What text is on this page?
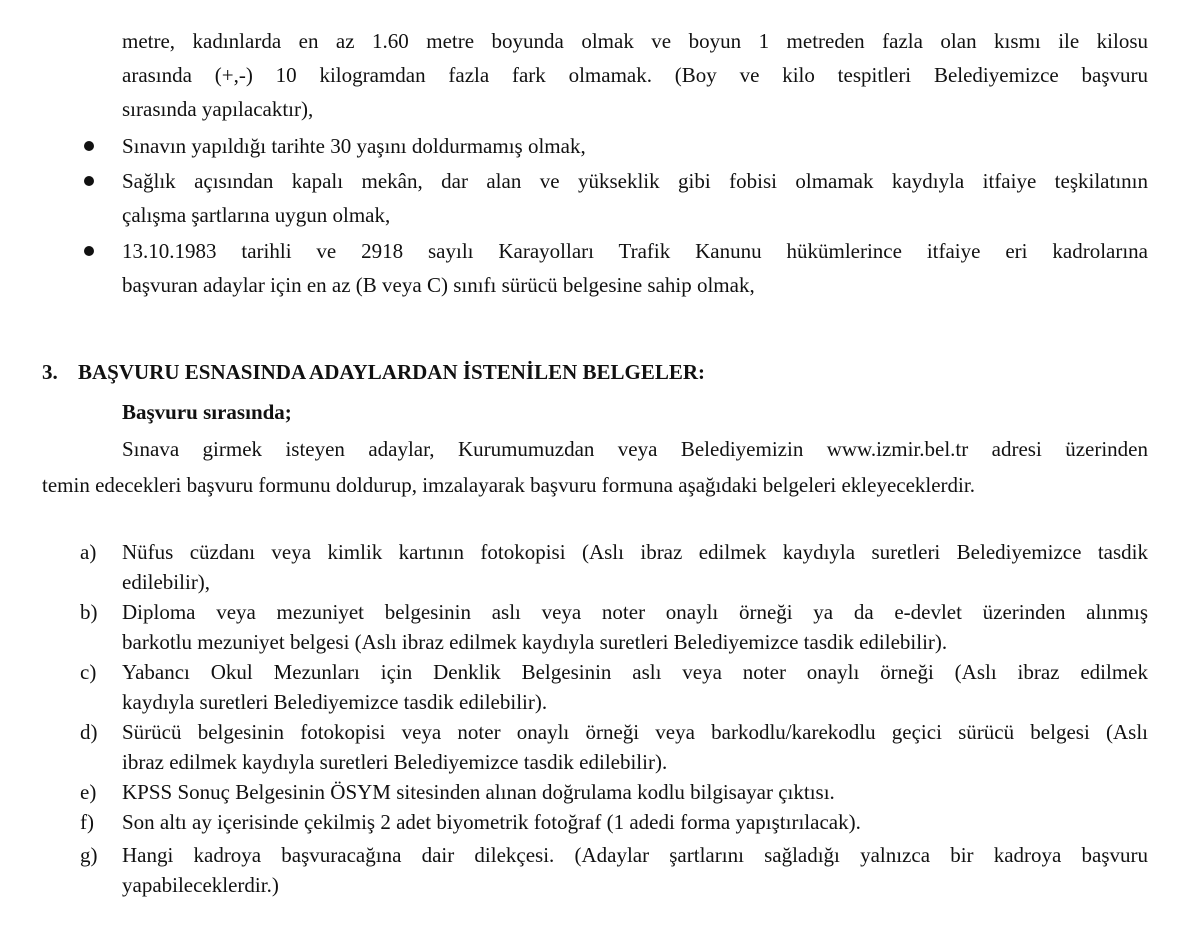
metre, kadınlarda en az 1.60 metre boyunda olmak ve boyun 1 metreden fazla olan kısmı ile kilosu
arasında (+,-) 10 kilogramdan fazla fark olmamak. (Boy ve kilo tespitleri Belediyemizce başvuru
sırasında yapılacaktır),
Sınavın yapıldığı tarihte 30 yaşını doldurmamış olmak,
Sağlık açısından kapalı mekân, dar alan ve yükseklik gibi fobisi olmamak kaydıyla itfaiye teşkilatının
çalışma şartlarına uygun olmak,
13.10.1983 tarihli ve 2918 sayılı Karayolları Trafik Kanunu hükümlerince itfaiye eri kadrolarına
başvuran adaylar için en az (B veya C) sınıfı sürücü belgesine sahip olmak,
3. BAŞVURU ESNASINDA ADAYLARDAN İSTENİLEN BELGELER:
Başvuru sırasında;
Sınava girmek isteyen adaylar, Kurumumuzdan veya Belediyemizin www.izmir.bel.tr adresi üzerinden
temin edecekleri başvuru formunu doldurup, imzalayarak başvuru formuna aşağıdaki belgeleri ekleyeceklerdir.
a) Nüfus cüzdanı veya kimlik kartının fotokopisi (Aslı ibraz edilmek kaydıyla suretleri Belediyemizce tasdik
edilebilir),
b) Diploma veya mezuniyet belgesinin aslı veya noter onaylı örneği ya da e-devlet üzerinden alınmış
barkotlu mezuniyet belgesi (Aslı ibraz edilmek kaydıyla suretleri Belediyemizce tasdik edilebilir).
c) Yabancı Okul Mezunları için Denklik Belgesinin aslı veya noter onaylı örneği (Aslı ibraz edilmek
kaydıyla suretleri Belediyemizce tasdik edilebilir).
d) Sürücü belgesinin fotokopisi veya noter onaylı örneği veya barkodlu/karekodlu geçici sürücü belgesi (Aslı
ibraz edilmek kaydıyla suretleri Belediyemizce tasdik edilebilir).
e) KPSS Sonuç Belgesinin ÖSYM sitesinden alınan doğrulama kodlu bilgisayar çıktısı.
f) Son altı ay içerisinde çekilmiş 2 adet biyometrik fotoğraf (1 adedi forma yapıştırılacak).
g) Hangi kadroya başvuracağına dair dilekçesi. (Adaylar şartlarını sağladığı yalnızca bir kadroya başvuru
yapabileceklerdir.)
